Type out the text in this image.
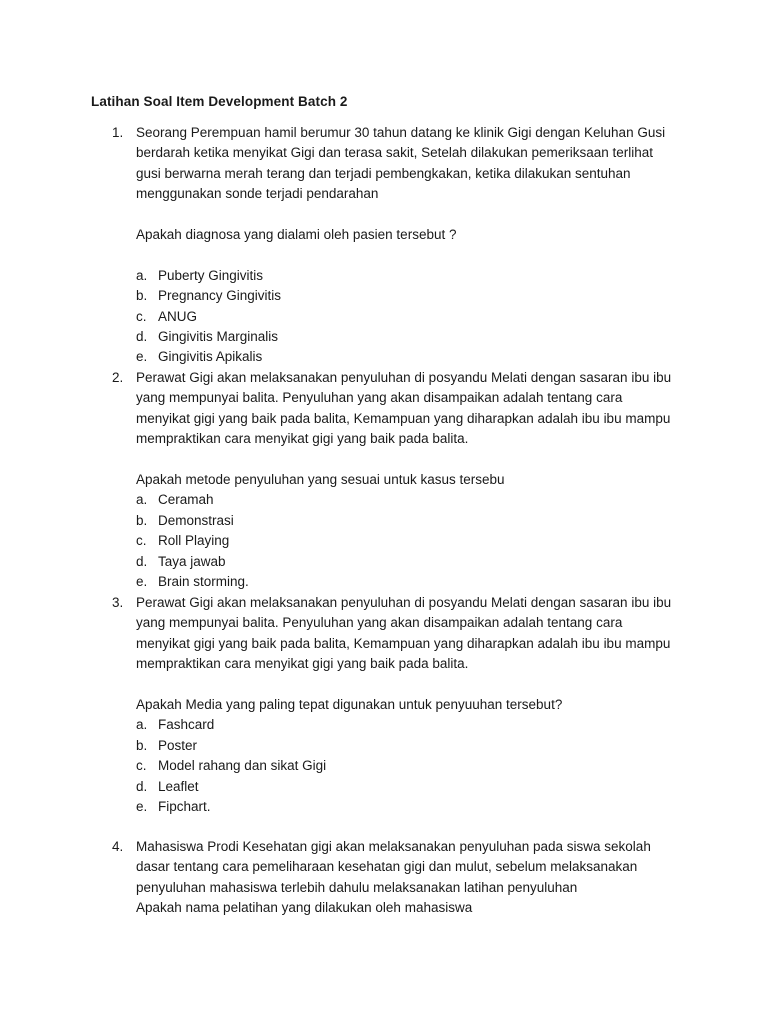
Latihan Soal Item Development Batch 2
1. Seorang Perempuan hamil berumur 30 tahun datang ke klinik Gigi dengan Keluhan Gusi berdarah ketika menyikat Gigi dan terasa sakit, Setelah dilakukan pemeriksaan terlihat gusi berwarna merah terang dan terjadi pembengkakan, ketika dilakukan sentuhan menggunakan sonde terjadi pendarahan

Apakah diagnosa yang dialami oleh pasien tersebut ?

a. Puberty Gingivitis
b. Pregnancy Gingivitis
c. ANUG
d. Gingivitis Marginalis
e. Gingivitis Apikalis
2. Perawat Gigi akan melaksanakan penyuluhan di posyandu Melati dengan sasaran ibu ibu yang mempunyai balita. Penyuluhan yang akan disampaikan adalah tentang cara menyikat gigi yang baik pada balita, Kemampuan yang diharapkan adalah ibu ibu mampu mempraktikan cara menyikat gigi yang baik pada balita.

Apakah metode penyuluhan yang sesuai untuk kasus tersebu

a. Ceramah
b. Demonstrasi
c. Roll Playing
d. Taya jawab
e. Brain storming.
3. Perawat Gigi akan melaksanakan penyuluhan di posyandu Melati dengan sasaran ibu ibu yang mempunyai balita. Penyuluhan yang akan disampaikan adalah tentang cara menyikat gigi yang baik pada balita, Kemampuan yang diharapkan adalah ibu ibu mampu mempraktikan cara menyikat gigi yang baik pada balita.

Apakah Media yang paling tepat digunakan untuk penyuuhan tersebut?

a. Fashcard
b. Poster
c. Model rahang dan sikat Gigi
d. Leaflet
e. Fipchart.
4. Mahasiswa Prodi Kesehatan gigi akan melaksanakan penyuluhan pada siswa sekolah dasar tentang cara pemeliharaan kesehatan gigi dan mulut, sebelum melaksanakan penyuluhan mahasiswa terlebih dahulu melaksanakan latihan penyuluhan

Apakah nama pelatihan yang dilakukan oleh mahasiswa
